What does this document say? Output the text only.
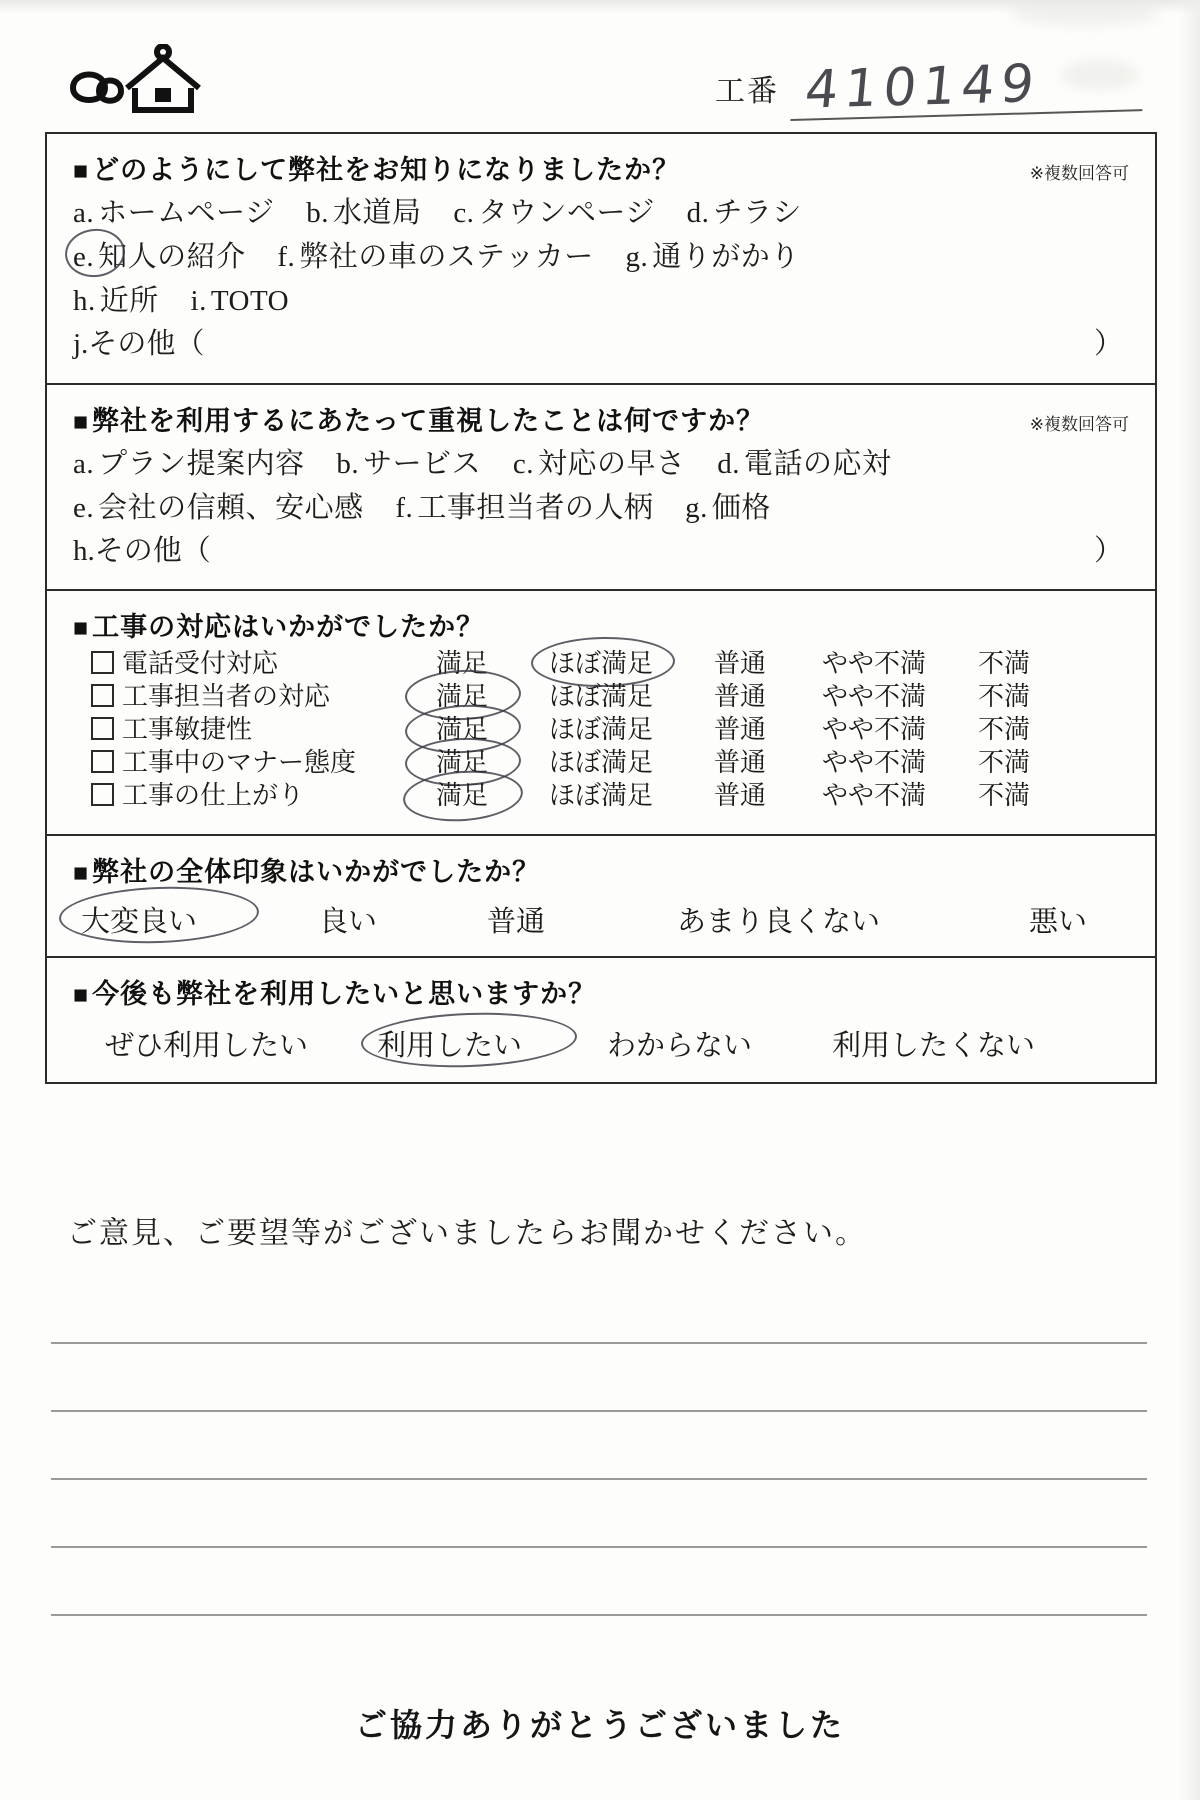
工番 410149
■ どのようにして弊社をお知りになりましたか？	※複数回答可
a. ホームページ b. 水道局 c. タウンページ d. チラシ
e. 知人の紹介 f. 弊社の車のステッカー g. 通りがかり
h. 近所 i. TOTO
j.その他（	）
■ 弊社を利用するにあたって重視したことは何ですか？	※複数回答可
a. プラン提案内容 b. サービス c. 対応の早さ d. 電話の応対
e. 会社の信頼、安心感 f. 工事担当者の人柄 g. 価格
h.その他（	）
■ 工事の対応はいかがでしたか？
電話受付対応	満足	ほぼ満足	普通	やや不満	不満
工事担当者の対応	満足	ほぼ満足	普通	やや不満	不満
工事敏捷性	満足	ほぼ満足	普通	やや不満	不満
工事中のマナー態度	満足	ほぼ満足	普通	やや不満	不満
工事の仕上がり	満足	ほぼ満足	普通	やや不満	不満
■ 弊社の全体印象はいかがでしたか？
大変良い	良い	普通	あまり良くない	悪い
■ 今後も弊社を利用したいと思いますか？
ぜひ利用したい	利用したい	わからない	利用したくない
ご意見、ご要望等がございましたらお聞かせください。
ご協力ありがとうございました
